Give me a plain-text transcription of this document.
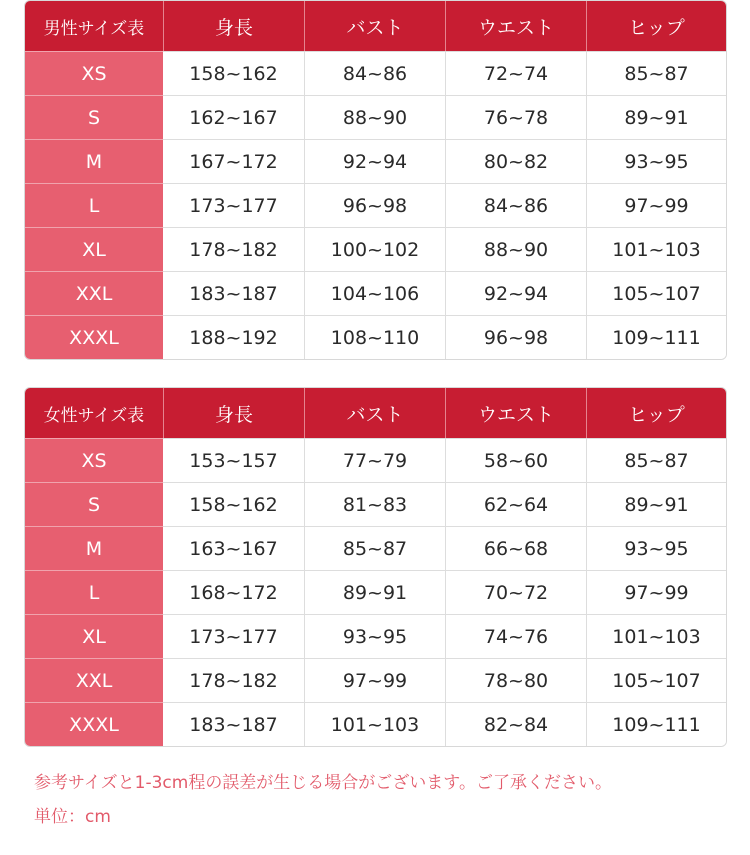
男性サイズ表	身長	バスト	ウエスト	ヒップ
XS	158~162	84~86	72~74	85~87
S	162~167	88~90	76~78	89~91
M	167~172	92~94	80~82	93~95
L	173~177	96~98	84~86	97~99
XL	178~182	100~102	88~90	101~103
XXL	183~187	104~106	92~94	105~107
XXXL	188~192	108~110	96~98	109~111
女性サイズ表	身長	バスト	ウエスト	ヒップ
XS	153~157	77~79	58~60	85~87
S	158~162	81~83	62~64	89~91
M	163~167	85~87	66~68	93~95
L	168~172	89~91	70~72	97~99
XL	173~177	93~95	74~76	101~103
XXL	178~182	97~99	78~80	105~107
XXXL	183~187	101~103	82~84	109~111

参考サイズと1-3cm程の誤差が生じる場合がございます。ご了承ください。

単位：cm
